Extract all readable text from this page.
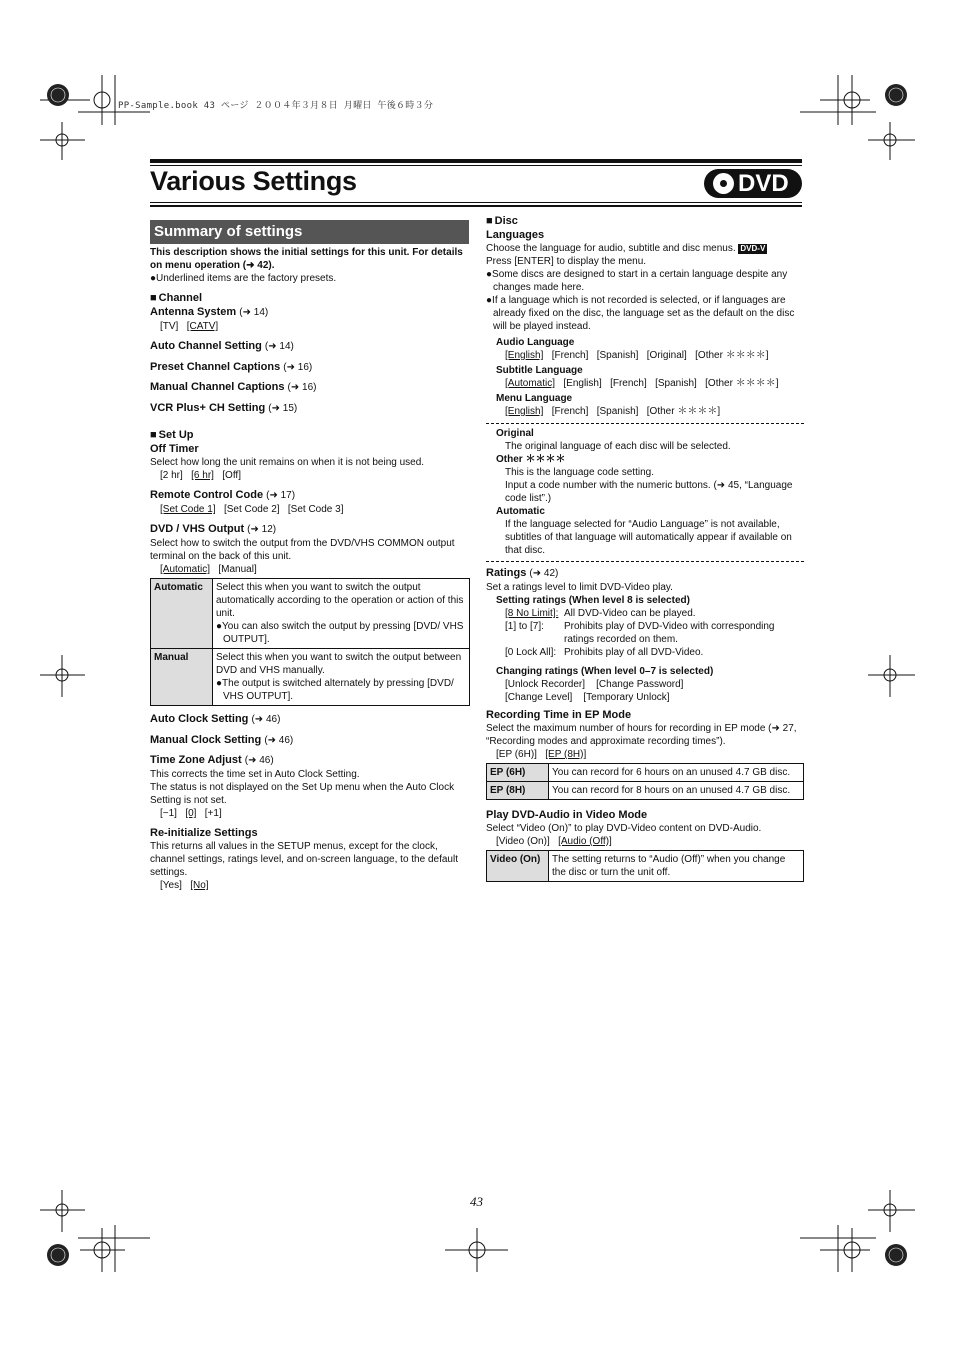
PP-Sample.book 43 ページ ２００４年３月８日 月曜日 午後６時３分
Various Settings	DVD
Summary of settings

This description shows the initial settings for this unit. For details on menu operation (➜ 42).

●Underlined items are the factory presets.

■ Channel

Antenna System (➜ 14)

[TV] [CATV]

Auto Channel Setting (➜ 14)

Preset Channel Captions (➜ 16)

Manual Channel Captions (➜ 16)

VCR Plus+ CH Setting (➜ 15)

■ Set Up

Off Timer

Select how long the unit remains on when it is not being used.

[2 hr] [6 hr] [Off]

Remote Control Code (➜ 17)

[Set Code 1] [Set Code 2] [Set Code 3]

DVD / VHS Output (➜ 12)

Select how to switch the output from the DVD/VHS COMMON output terminal on the back of this unit.

[Automatic] [Manual]

Automatic	Select this when you want to switch the output automatically according to the operation or action of this unit.
●You can also switch the output by pressing [DVD/ VHS OUTPUT].

Manual	Select this when you want to switch the output between DVD and VHS manually.
●The output is switched alternately by pressing [DVD/ VHS OUTPUT].

Auto Clock Setting (➜ 46)

Manual Clock Setting (➜ 46)

Time Zone Adjust (➜ 46)

This corrects the time set in Auto Clock Setting.

The status is not displayed on the Set Up menu when the Auto Clock Setting is not set.

[−1] [0] [+1]

Re-initialize Settings

This returns all values in the SETUP menus, except for the clock, channel settings, ratings level, and on-screen language, to the default settings.

[Yes] [No]

■ Disc

Languages

Choose the language for audio, subtitle and disc menus. DVD-V

Press [ENTER] to display the menu.

●Some discs are designed to start in a certain language despite any changes made here.

●If a language which is not recorded is selected, or if languages are already fixed on the disc, the language set as the default on the disc will be played instead.

Audio Language

[English] [French] [Spanish] [Original] [Other ＊＊＊＊]

Subtitle Language

[Automatic] [English] [French] [Spanish] [Other ＊＊＊＊]

Menu Language

[English] [French] [Spanish] [Other ＊＊＊＊]

Original

The original language of each disc will be selected.

Other ＊＊＊＊

This is the language code setting.

Input a code number with the numeric buttons. (➜ 45, “Language code list”.)

Automatic

If the language selected for “Audio Language” is not available, subtitles of that language will automatically appear if available on that disc.

Ratings (➜ 42)

Set a ratings level to limit DVD-Video play.

Setting ratings (When level 8 is selected)

[8 No Limit]: All DVD-Video can be played.
[1] to [7]:	Prohibits play of DVD-Video with corresponding ratings recorded on them.
[0 Lock All]: Prohibits play of all DVD-Video.

Changing ratings (When level 0–7 is selected)

[Unlock Recorder] [Change Password]

[Change Level] [Temporary Unlock]

Recording Time in EP Mode

Select the maximum number of hours for recording in EP mode (➜ 27, “Recording modes and approximate recording times”).

[EP (6H)] [EP (8H)]

EP (6H)	You can record for 6 hours on an unused 4.7 GB disc.
EP (8H)	You can record for 8 hours on an unused 4.7 GB disc.

Play DVD-Audio in Video Mode

Select “Video (On)” to play DVD-Video content on DVD-Audio.

[Video (On)] [Audio (Off)]

Video (On)	The setting returns to “Audio (Off)” when you change the disc or turn the unit off.
43
